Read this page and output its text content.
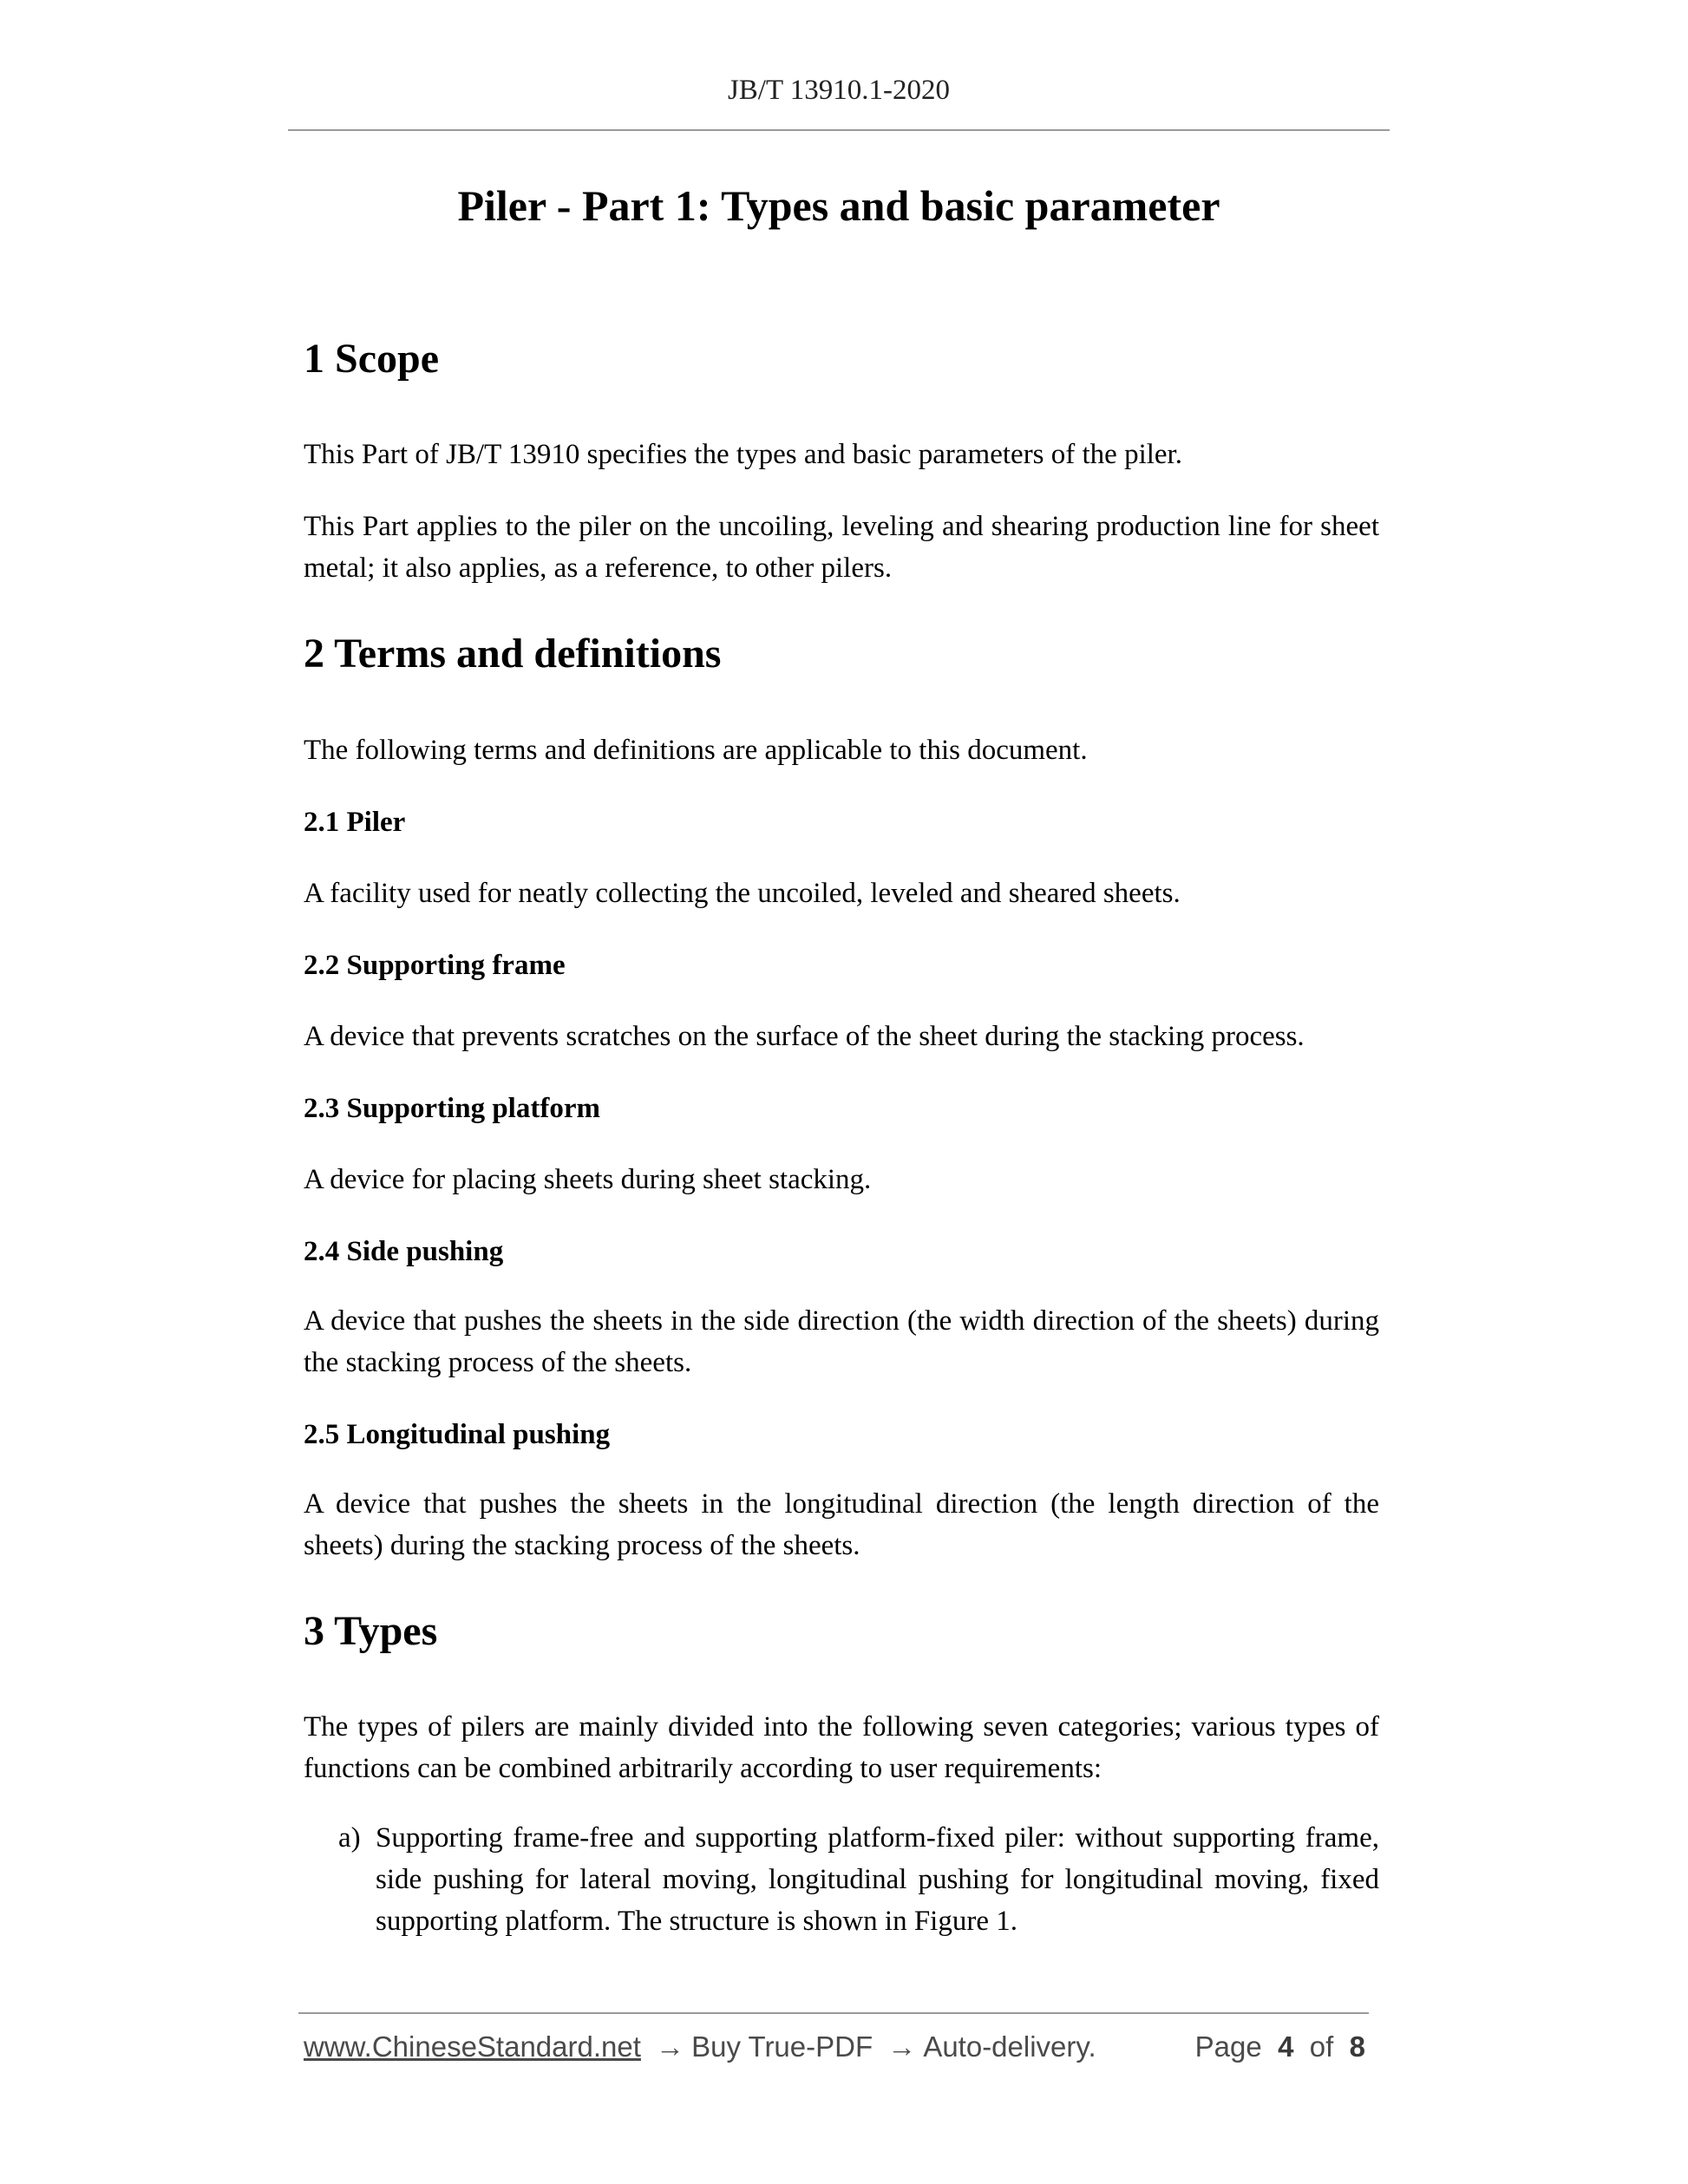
JB/T 13910.1-2020
Piler - Part 1: Types and basic parameter
1 Scope

This Part of JB/T 13910 specifies the types and basic parameters of the piler.

This Part applies to the piler on the uncoiling, leveling and shearing production line for sheet metal; it also applies, as a reference, to other pilers.

2 Terms and definitions

The following terms and definitions are applicable to this document.

2.1 Piler

A facility used for neatly collecting the uncoiled, leveled and sheared sheets.

2.2 Supporting frame

A device that prevents scratches on the surface of the sheet during the stacking process.

2.3 Supporting platform

A device for placing sheets during sheet stacking.

2.4 Side pushing

A device that pushes the sheets in the side direction (the width direction of the sheets) during the stacking process of the sheets.

2.5 Longitudinal pushing

A device that pushes the sheets in the longitudinal direction (the length direction of the sheets) during the stacking process of the sheets.

3 Types

The types of pilers are mainly divided into the following seven categories; various types of functions can be combined arbitrarily according to user requirements:

a) Supporting frame-free and supporting platform-fixed piler: without supporting frame, side pushing for lateral moving, longitudinal pushing for longitudinal moving, fixed supporting platform. The structure is shown in Figure 1.

www.ChineseStandard.net → Buy True-PDF → Auto-delivery.	Page 4 of 8
